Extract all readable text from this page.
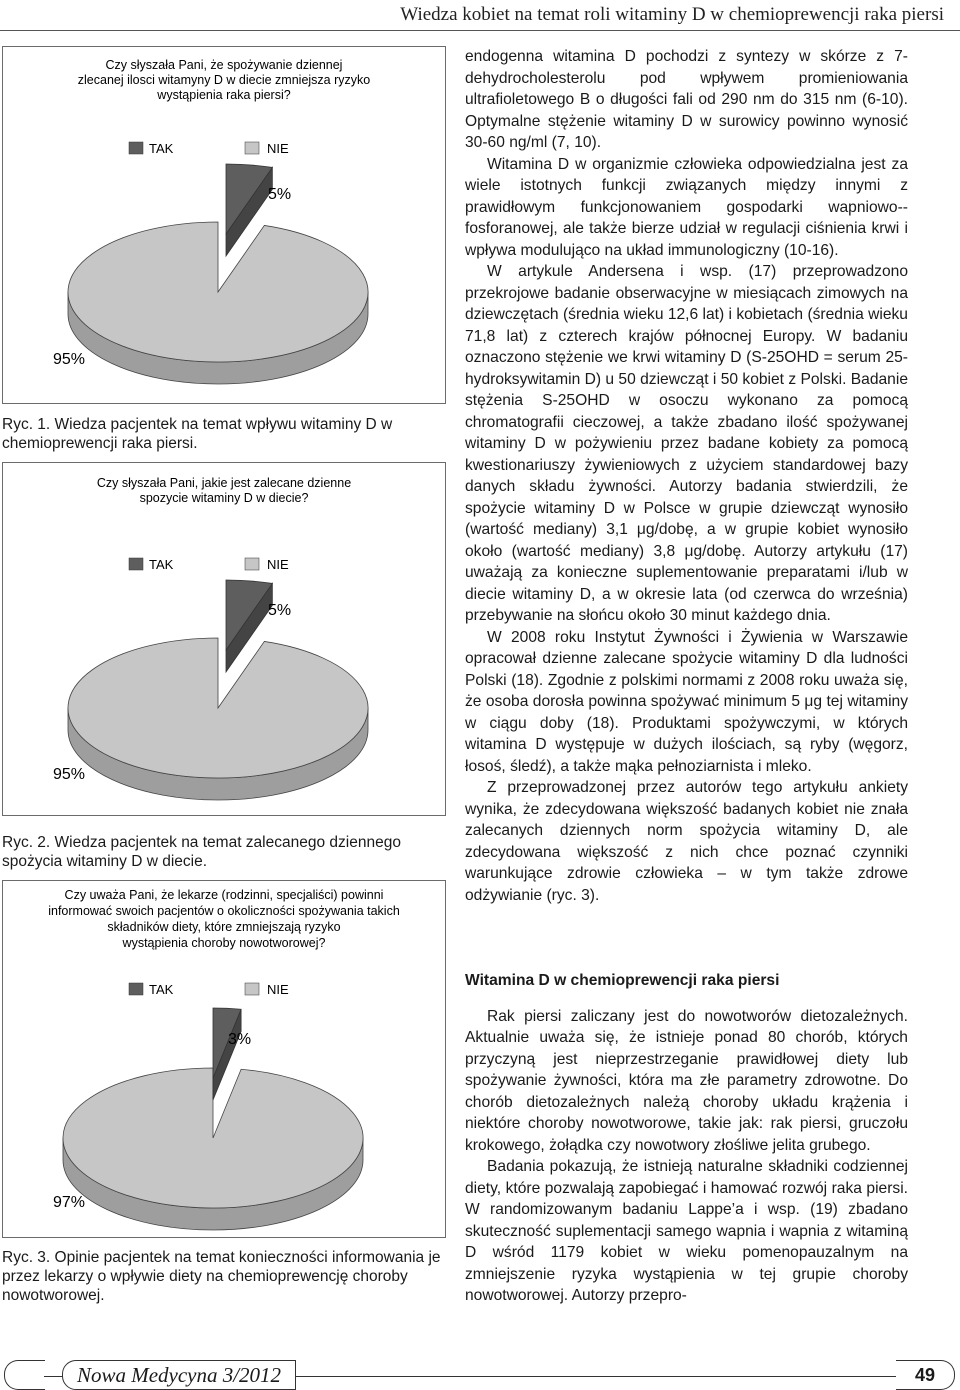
Wiedza kobiet na temat roli witaminy D w chemioprewencji raka piersi
Czy słyszała Pani, że spożywanie dziennej
zlecanej ilosci witamyny D w diecie zmniejsza ryzyko
wystąpienia raka piersi?
TAK	NIE
5%
95%
Ryc. 1. Wiedza pacjentek na temat wpływu witaminy D w chemioprewencji raka piersi.
Czy słyszała Pani, jakie jest zalecane dzienne
spozycie witaminy D w diecie?
TAK	NIE
5%
95%
Ryc. 2. Wiedza pacjentek na temat zalecanego dziennego spożycia witaminy D w diecie.
Czy uważa Pani, że lekarze (rodzinni, specjaliści) powinni
informować swoich pacjentów o okoliczności spożywania takich
składników diety, które zmniejszają ryzyko
wystąpienia choroby nowotworowej?
TAK	NIE
3%
97%
Ryc. 3. Opinie pacjentek na temat konieczności informowania je przez lekarzy o wpływie diety na chemioprewencję choroby nowotworowej.

endogenna witamina D pochodzi z syntezy w skórze z 7-dehydrocholesterolu pod wpływem promieniowania ultrafioletowego B o długości fali od 290 nm do 315 nm (6-10). Optymalne stężenie witaminy D w surowicy powinno wynosić 30-60 ng/ml (7, 10).

Witamina D w organizmie człowieka odpowiedzialna jest za wiele istotnych funkcji związanych między innymi z prawidłowym funkcjonowaniem gospodarki wapniowo--fosforanowej, ale także bierze udział w regulacji ciśnienia krwi i wpływa modulująco na układ immunologiczny (10-16).

W artykule Andersena i wsp. (17) przeprowadzono przekrojowe badanie obserwacyjne w miesiącach zimowych na dziewczętach (średnia wieku 12,6 lat) i kobietach (średnia wieku 71,8 lat) z czterech krajów północnej Europy. W badaniu oznaczono stężenie we krwi witaminy D (S-25OHD = serum 25-hydroksywitamin D) u 50 dziewcząt i 50 kobiet z Polski. Badanie stężenia S-25OHD w osoczu wykonano za pomocą chromatografii cieczowej, a także zbadano ilość spożywanej witaminy D w pożywieniu przez badane kobiety za pomocą kwestionariuszy żywieniowych z użyciem standardowej bazy danych składu żywności. Autorzy badania stwierdzili, że spożycie witaminy D w Polsce w grupie dziewcząt wynosiło (wartość mediany) 3,1 μg/dobę, a w grupie kobiet wynosiło około (wartość mediany) 3,8 μg/dobę. Autorzy artykułu (17) uważają za konieczne suplementowanie preparatami i/lub w diecie witaminy D, a w okresie lata (od czerwca do września) przebywanie na słońcu około 30 minut każdego dnia.

W 2008 roku Instytut Żywności i Żywienia w Warszawie opracował dzienne zalecane spożycie witaminy D dla ludności Polski (18). Zgodnie z polskimi normami z 2008 roku uważa się, że osoba dorosła powinna spożywać minimum 5 μg tej witaminy w ciągu doby (18). Produktami spożywczymi, w których witamina D występuje w dużych ilościach, są ryby (węgorz, łosoś, śledź), a także mąka pełnoziarnista i mleko.

Z przeprowadzonej przez autorów tego artykułu ankiety wynika, że zdecydowana większość badanych kobiet nie znała zalecanych dziennych norm spożycia witaminy D, ale zdecydowana większość z nich chce poznać czynniki warunkujące zdrowie człowieka – w tym także zdrowe odżywianie (ryc. 3).

Witamina D w chemioprewencji raka piersi

Rak piersi zaliczany jest do nowotworów dietozależnych. Aktualnie uważa się, że istnieje ponad 80 chorób, których przyczyną jest nieprzestrzeganie prawidłowej diety lub spożywanie żywności, która ma złe parametry zdrowotne. Do chorób dietozależnych należą choroby układu krążenia i niektóre choroby nowotworowe, takie jak: rak piersi, gruczołu krokowego, żołądka czy nowotwory złośliwe jelita grubego.

Badania pokazują, że istnieją naturalne składniki codziennej diety, które pozwalają zapobiegać i hamować rozwój raka piersi. W randomizowanym badaniu Lappe’a i wsp. (19) zbadano skuteczność suplementacji samego wapnia i wapnia z witaminą D wśród 1179 kobiet w wieku pomenopauzalnym na zmniejszenie ryzyka wystąpienia w tej grupie choroby nowotworowej. Autorzy przepro-

Nowa Medycyna 3/2012	49
